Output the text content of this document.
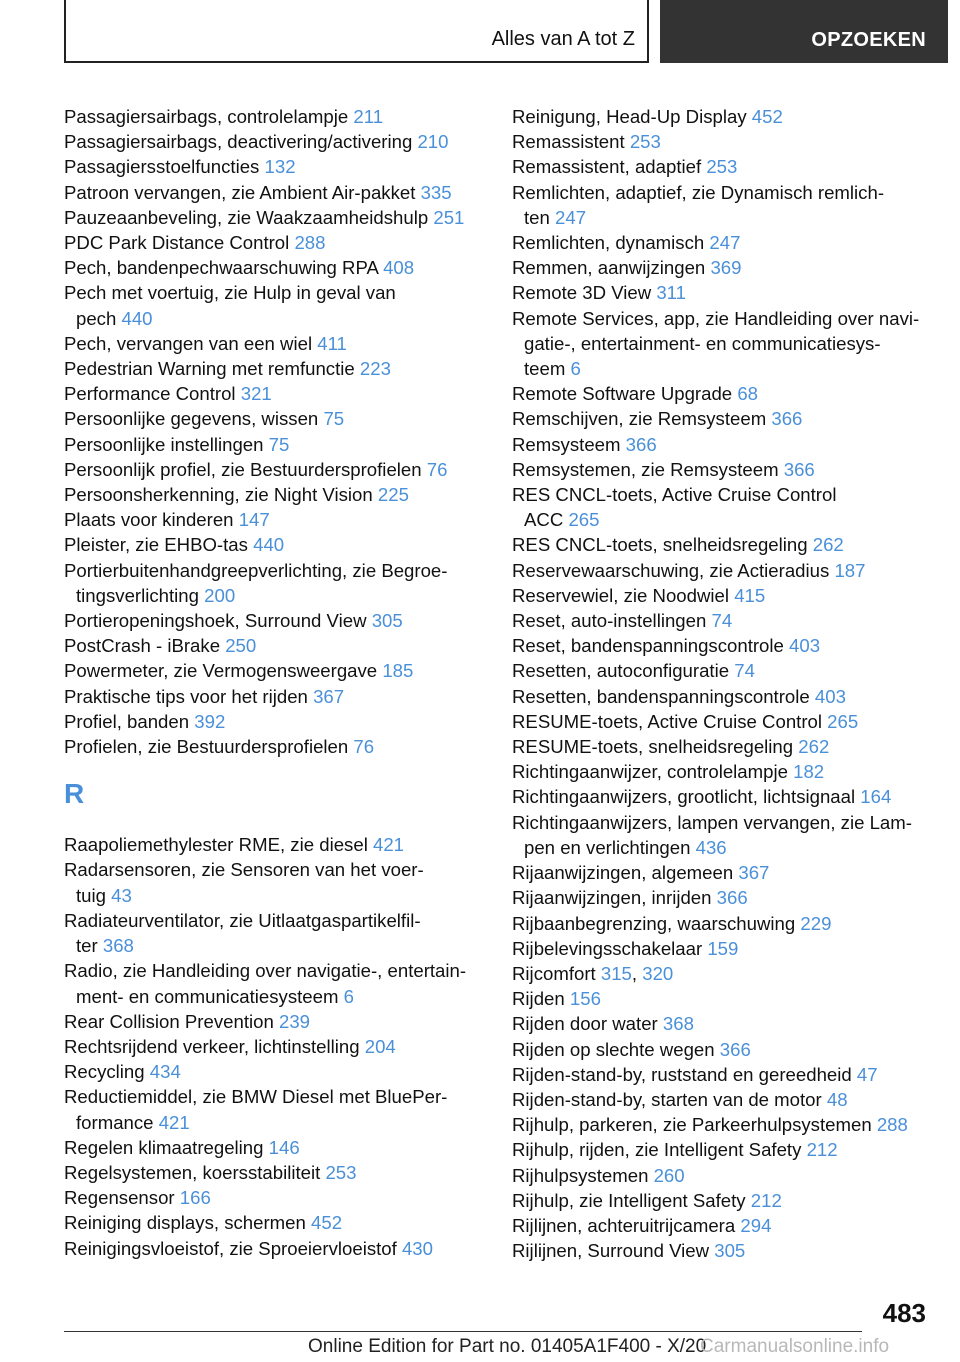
Alles van A tot Z	OPZOEKEN
Passagiersairbags, controlelampje 211
Passagiersairbags, deactivering/activering 210
Passagiersstoelfuncties 132
Patroon vervangen, zie Ambient Air-pakket 335
Pauzeaanbeveling, zie Waakzaamheidshulp 251
PDC Park Distance Control 288
Pech, bandenpechwaarschuwing RPA 408
Pech met voertuig, zie Hulp in geval van
pech 440
Pech, vervangen van een wiel 411
Pedestrian Warning met remfunctie 223
Performance Control 321
Persoonlijke gegevens, wissen 75
Persoonlijke instellingen 75
Persoonlijk profiel, zie Bestuurdersprofielen 76
Persoonsherkenning, zie Night Vision 225
Plaats voor kinderen 147
Pleister, zie EHBO-tas 440
Portierbuitenhandgreepverlichting, zie Begroe-
tingsverlichting 200
Portieropeningshoek, Surround View 305
PostCrash - iBrake 250
Powermeter, zie Vermogensweergave 185
Praktische tips voor het rijden 367
Profiel, banden 392
Profielen, zie Bestuurdersprofielen 76
R
Raapoliemethylester RME, zie diesel 421
Radarsensoren, zie Sensoren van het voer-
tuig 43
Radiateurventilator, zie Uitlaatgaspartikelfil-
ter 368
Radio, zie Handleiding over navigatie-, entertain-
ment- en communicatiesysteem 6
Rear Collision Prevention 239
Rechtsrijdend verkeer, lichtinstelling 204
Recycling 434
Reductiemiddel, zie BMW Diesel met BluePer-
formance 421
Regelen klimaatregeling 146
Regelsystemen, koersstabiliteit 253
Regensensor 166
Reiniging displays, schermen 452
Reinigingsvloeistof, zie Sproeiervloeistof 430
Reinigung, Head-Up Display 452
Remassistent 253
Remassistent, adaptief 253
Remlichten, adaptief, zie Dynamisch remlich-
ten 247
Remlichten, dynamisch 247
Remmen, aanwijzingen 369
Remote 3D View 311
Remote Services, app, zie Handleiding over navi-
gatie-, entertainment- en communicatiesys-
teem 6
Remote Software Upgrade 68
Remschijven, zie Remsysteem 366
Remsysteem 366
Remsystemen, zie Remsysteem 366
RES CNCL-toets, Active Cruise Control
ACC 265
RES CNCL-toets, snelheidsregeling 262
Reservewaarschuwing, zie Actieradius 187
Reservewiel, zie Noodwiel 415
Reset, auto-instellingen 74
Reset, bandenspanningscontrole 403
Resetten, autoconfiguratie 74
Resetten, bandenspanningscontrole 403
RESUME-toets, Active Cruise Control 265
RESUME-toets, snelheidsregeling 262
Richtingaanwijzer, controlelampje 182
Richtingaanwijzers, grootlicht, lichtsignaal 164
Richtingaanwijzers, lampen vervangen, zie Lam-
pen en verlichtingen 436
Rijaanwijzingen, algemeen 367
Rijaanwijzingen, inrijden 366
Rijbaanbegrenzing, waarschuwing 229
Rijbelevingsschakelaar 159
Rijcomfort 315, 320
Rijden 156
Rijden door water 368
Rijden op slechte wegen 366
Rijden-stand-by, ruststand en gereedheid 47
Rijden-stand-by, starten van de motor 48
Rijhulp, parkeren, zie Parkeerhulpsystemen 288
Rijhulp, rijden, zie Intelligent Safety 212
Rijhulpsystemen 260
Rijhulp, zie Intelligent Safety 212
Rijlijnen, achteruitrijcamera 294
Rijlijnen, Surround View 305
483
Online Edition for Part no. 01405A1F400 - X/20
Carmanualsonline.info
